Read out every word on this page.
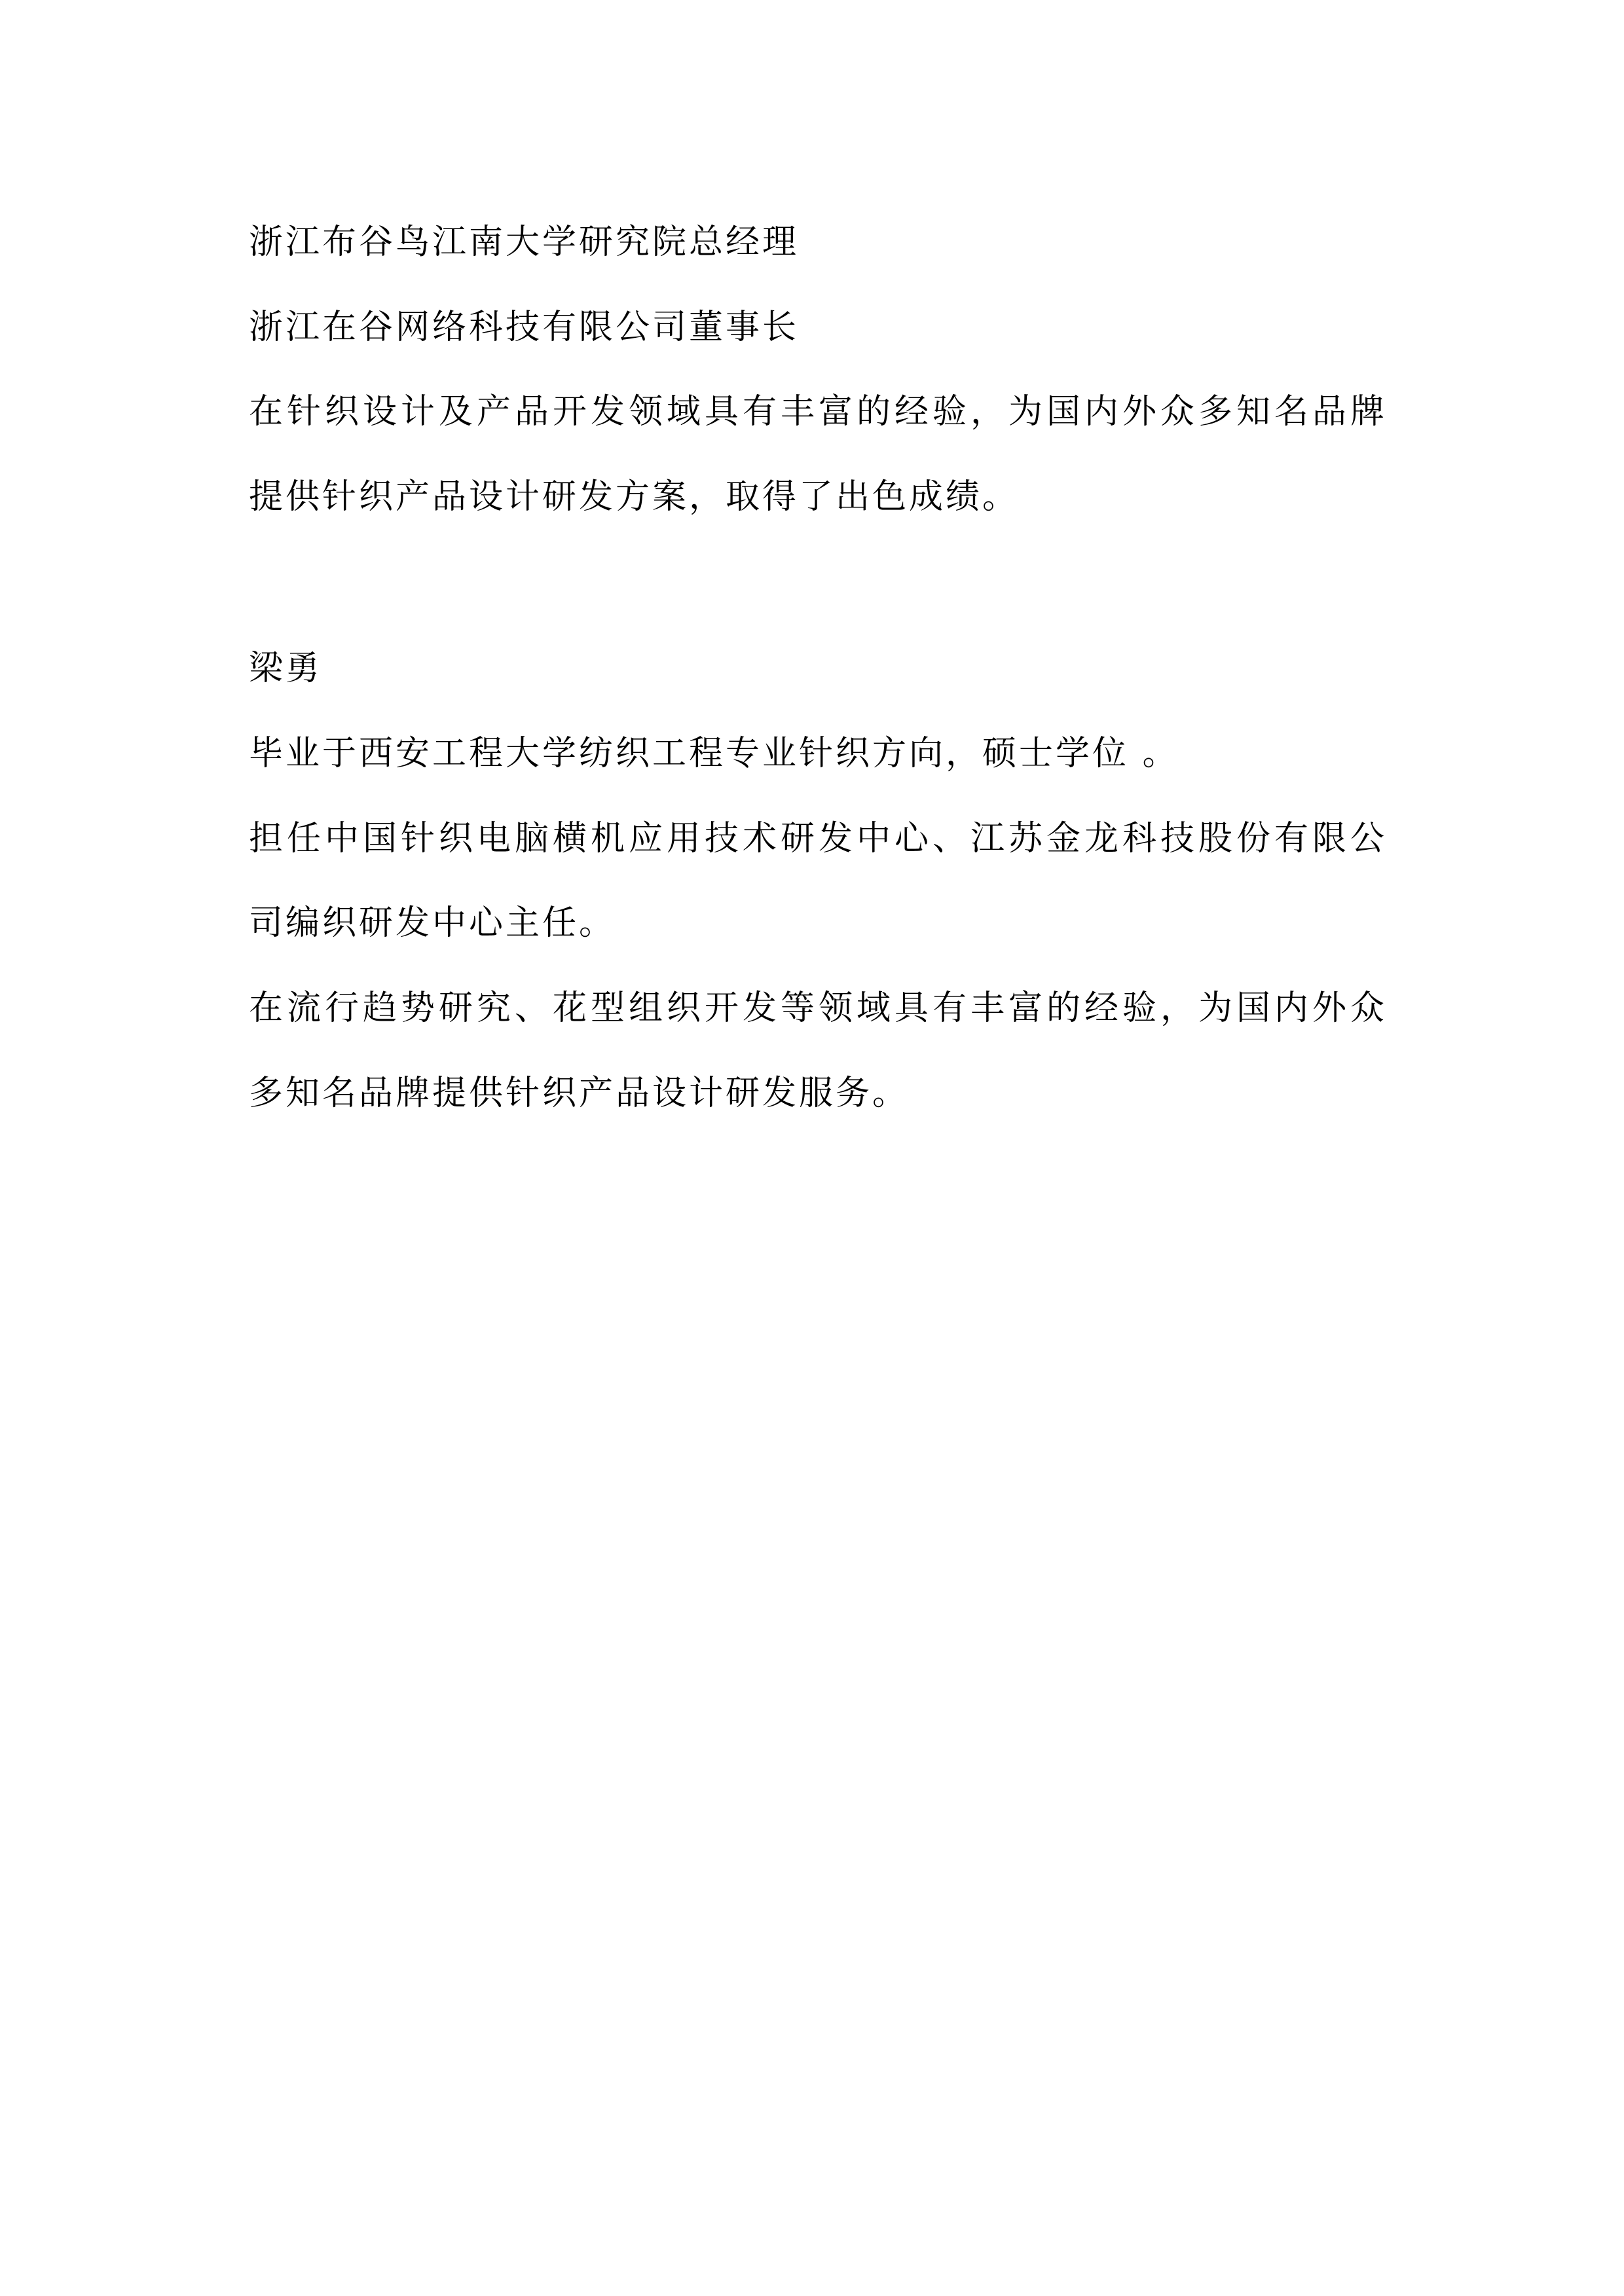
浙江布谷鸟江南大学研究院总经理
浙江在谷网络科技有限公司董事长
在针织设计及产品开发领域具有丰富的经验，为国内外众多知名品牌
提供针织产品设计研发方案，取得了出色成绩。
梁勇
毕业于西安工程大学纺织工程专业针织方向，硕士学位 。
担任中国针织电脑横机应用技术研发中心、江苏金龙科技股份有限公
司编织研发中心主任。
在流行趋势研究、花型组织开发等领域具有丰富的经验，为国内外众
多知名品牌提供针织产品设计研发服务。
